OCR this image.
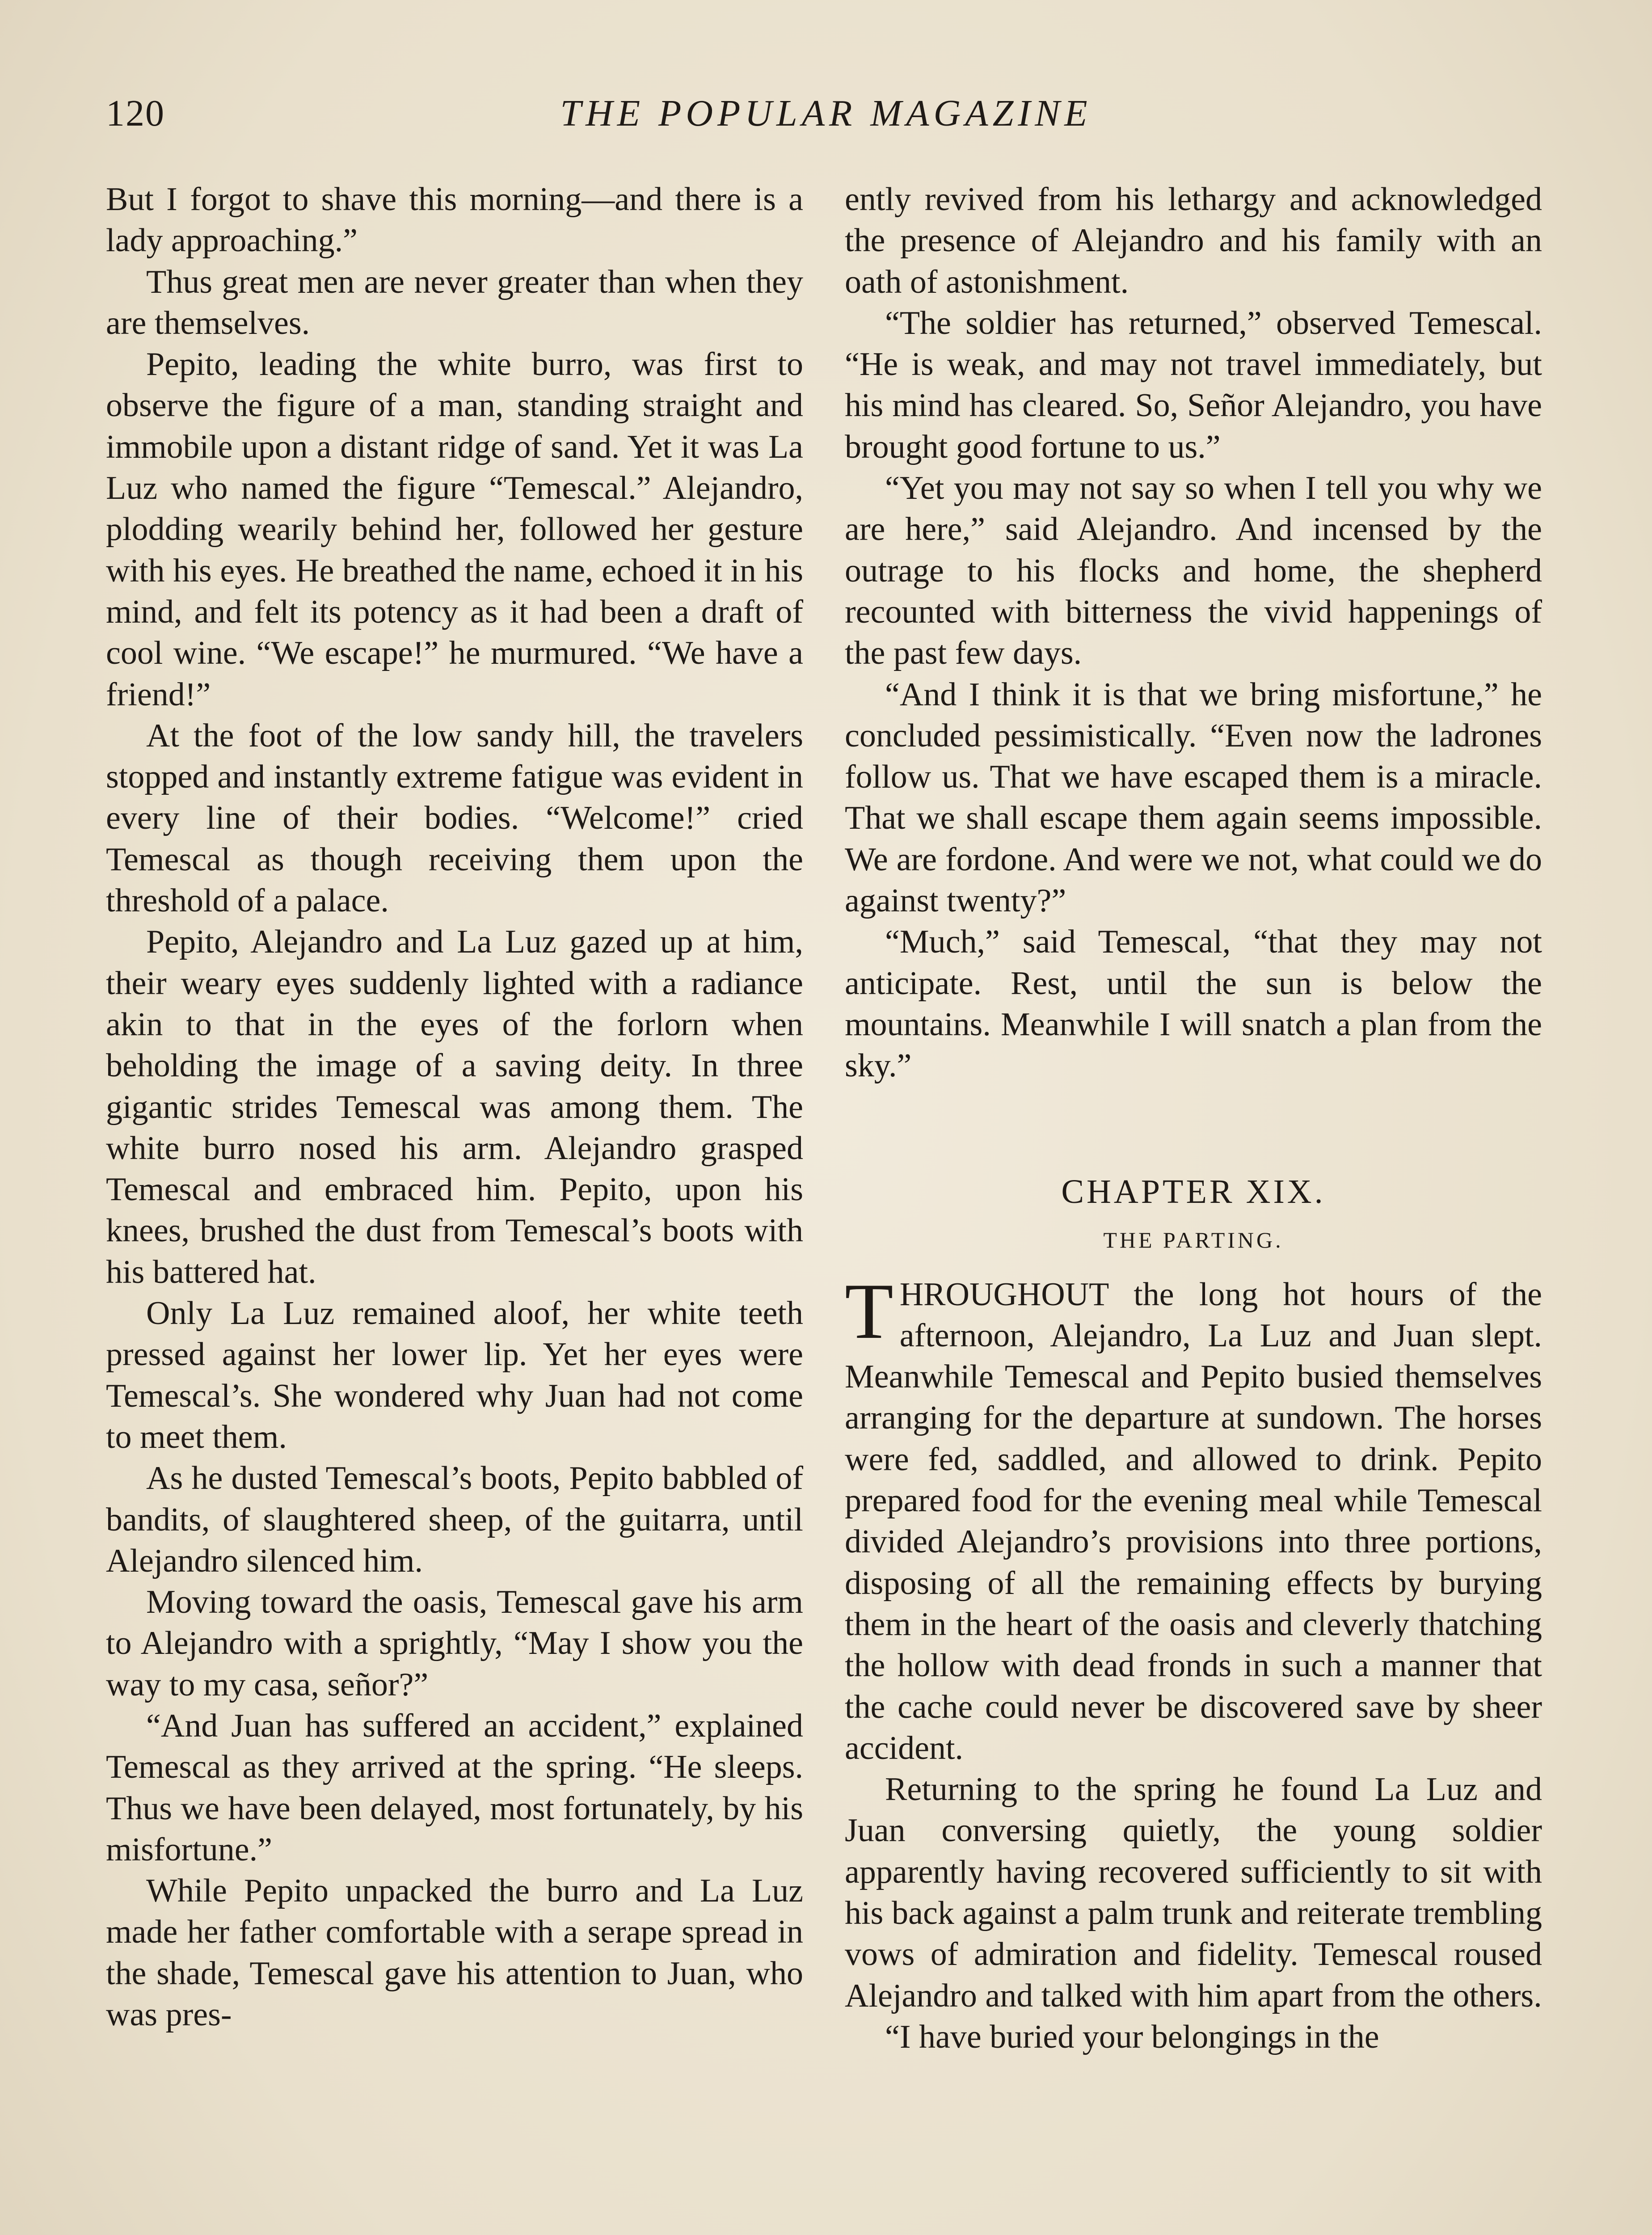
120	THE POPULAR MAGAZINE

But I forgot to shave this morning—and there is a lady approaching.”

Thus great men are never greater than when they are themselves.

Pepito, leading the white burro, was first to observe the figure of a man, standing straight and immobile upon a distant ridge of sand. Yet it was La Luz who named the figure “Temescal.” Alejandro, plodding wearily behind her, followed her gesture with his eyes. He breathed the name, echoed it in his mind, and felt its potency as it had been a draft of cool wine. “We escape!” he murmured. “We have a friend!”

At the foot of the low sandy hill, the travelers stopped and instantly extreme fatigue was evident in every line of their bodies. “Welcome!” cried Temescal as though receiving them upon the threshold of a palace.

Pepito, Alejandro and La Luz gazed up at him, their weary eyes suddenly lighted with a radiance akin to that in the eyes of the forlorn when beholding the image of a saving deity. In three gigantic strides Temescal was among them. The white burro nosed his arm. Alejandro grasped Temescal and embraced him. Pepito, upon his knees, brushed the dust from Temescal’s boots with his battered hat.

Only La Luz remained aloof, her white teeth pressed against her lower lip. Yet her eyes were Temescal’s. She wondered why Juan had not come to meet them.

As he dusted Temescal’s boots, Pepito babbled of bandits, of slaughtered sheep, of the guitarra, until Alejandro silenced him.

Moving toward the oasis, Temescal gave his arm to Alejandro with a sprightly, “May I show you the way to my casa, señor?”

“And Juan has suffered an accident,” explained Temescal as they arrived at the spring. “He sleeps. Thus we have been delayed, most fortunately, by his misfortune.”

While Pepito unpacked the burro and La Luz made her father comfortable with a serape spread in the shade, Temescal gave his attention to Juan, who was pres-

ently revived from his lethargy and acknowledged the presence of Alejandro and his family with an oath of astonishment.

“The soldier has returned,” observed Temescal. “He is weak, and may not travel immediately, but his mind has cleared. So, Señor Alejandro, you have brought good fortune to us.”

“Yet you may not say so when I tell you why we are here,” said Alejandro. And incensed by the outrage to his flocks and home, the shepherd recounted with bitterness the vivid happenings of the past few days.

“And I think it is that we bring misfortune,” he concluded pessimistically. “Even now the ladrones follow us. That we have escaped them is a miracle. That we shall escape them again seems impossible. We are fordone. And were we not, what could we do against twenty?”

“Much,” said Temescal, “that they may not anticipate. Rest, until the sun is below the mountains. Meanwhile I will snatch a plan from the sky.”

CHAPTER XIX.
THE PARTING.

THROUGHOUT the long hot hours of the afternoon, Alejandro, La Luz and Juan slept. Meanwhile Temescal and Pepito busied themselves arranging for the departure at sundown. The horses were fed, saddled, and allowed to drink. Pepito prepared food for the evening meal while Temescal divided Alejandro’s provisions into three portions, disposing of all the remaining effects by burying them in the heart of the oasis and cleverly thatching the hollow with dead fronds in such a manner that the cache could never be discovered save by sheer accident.

Returning to the spring he found La Luz and Juan conversing quietly, the young soldier apparently having recovered sufficiently to sit with his back against a palm trunk and reiterate trembling vows of admiration and fidelity. Temescal roused Alejandro and talked with him apart from the others.

“I have buried your belongings in the
